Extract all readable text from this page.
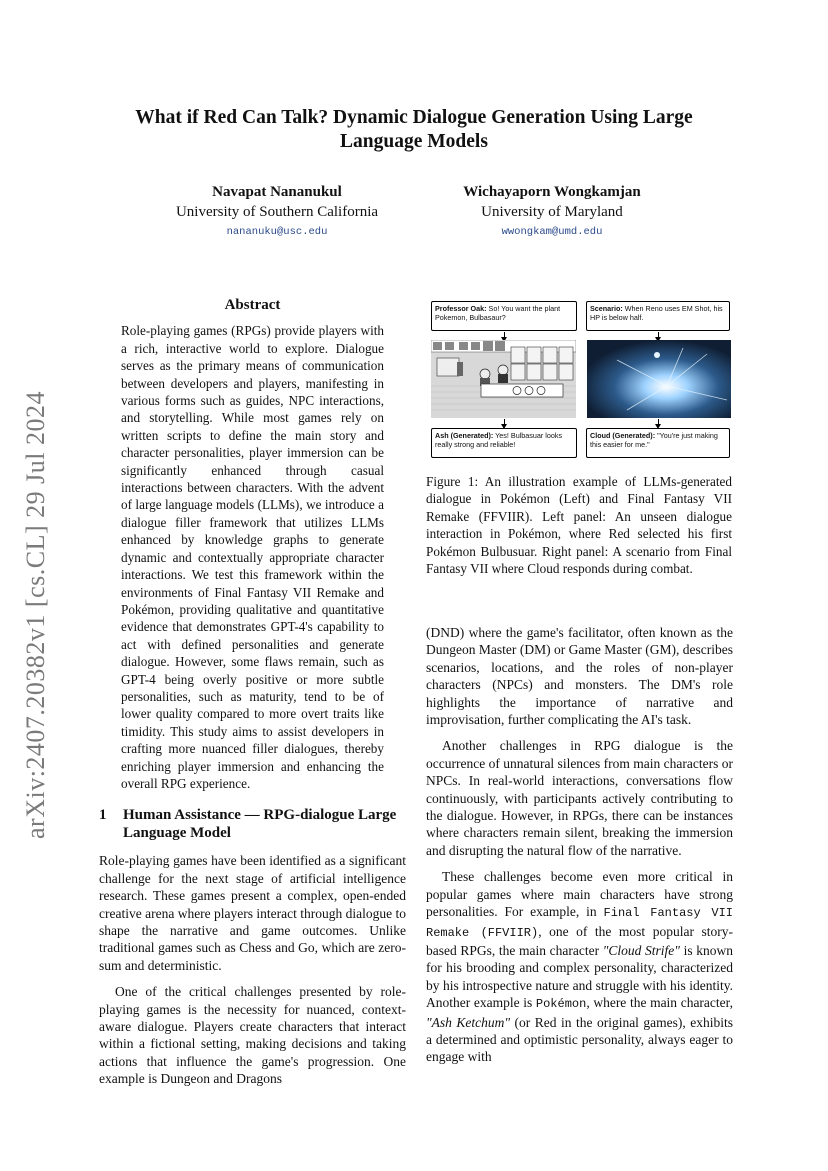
arXiv:2407.20382v1 [cs.CL] 29 Jul 2024
What if Red Can Talk? Dynamic Dialogue Generation Using Large Language Models
Navapat Nananukul
University of Southern California
nananuku@usc.edu
Wichayaporn Wongkamjan
University of Maryland
wwongkam@umd.edu
Abstract
Role-playing games (RPGs) provide players with a rich, interactive world to explore. Dialogue serves as the primary means of communication between developers and players, manifesting in various forms such as guides, NPC interactions, and storytelling. While most games rely on written scripts to define the main story and character personalities, player immersion can be significantly enhanced through casual interactions between characters. With the advent of large language models (LLMs), we introduce a dialogue filler framework that utilizes LLMs enhanced by knowledge graphs to generate dynamic and contextually appropriate character interactions. We test this framework within the environments of Final Fantasy VII Remake and Pokémon, providing qualitative and quantitative evidence that demonstrates GPT-4's capability to act with defined personalities and generate dialogue. However, some flaws remain, such as GPT-4 being overly positive or more subtle personalities, such as maturity, tend to be of lower quality compared to more overt traits like timidity. This study aims to assist developers in crafting more nuanced filler dialogues, thereby enriching player immersion and enhancing the overall RPG experience.
1	Human Assistance — RPG-dialogue Large Language Model

Role-playing games have been identified as a significant challenge for the next stage of artificial intelligence research. These games present a complex, open-ended creative arena where players interact through dialogue to shape the narrative and game outcomes. Unlike traditional games such as Chess and Go, which are zero-sum and deterministic.

One of the critical challenges presented by role-playing games is the necessity for nuanced, context-aware dialogue. Players create characters that interact within a fictional setting, making decisions and taking actions that influence the game's progression. One example is Dungeon and Dragons

Professor Oak: So! You want the plant Pokemon, Bulbasaur?
Scenario: When Reno uses EM Shot, his HP is below half.
Ash (Generated): Yes! Bulbasuar looks really strong and reliable!
Cloud (Generated): "You're just making this easier for me."
Figure 1: An illustration example of LLMs-generated dialogue in Pokémon (Left) and Final Fantasy VII Remake (FFVIIR). Left panel: An unseen dialogue interaction in Pokémon, where Red selected his first Pokémon Bulbusuar. Right panel: A scenario from Final Fantasy VII where Cloud responds during combat.

(DND) where the game's facilitator, often known as the Dungeon Master (DM) or Game Master (GM), describes scenarios, locations, and the roles of non-player characters (NPCs) and monsters. The DM's role highlights the importance of narrative and improvisation, further complicating the AI's task.

Another challenges in RPG dialogue is the occurrence of unnatural silences from main characters or NPCs. In real-world interactions, conversations flow continuously, with participants actively contributing to the dialogue. However, in RPGs, there can be instances where characters remain silent, breaking the immersion and disrupting the natural flow of the narrative.

These challenges become even more critical in popular games where main characters have strong personalities. For example, in Final Fantasy VII Remake (FFVIIR), one of the most popular story-based RPGs, the main character "Cloud Strife" is known for his brooding and complex personality, characterized by his introspective nature and struggle with his identity. Another example is Pokémon, where the main character, "Ash Ketchum" (or Red in the original games), exhibits a determined and optimistic personality, always eager to engage with
